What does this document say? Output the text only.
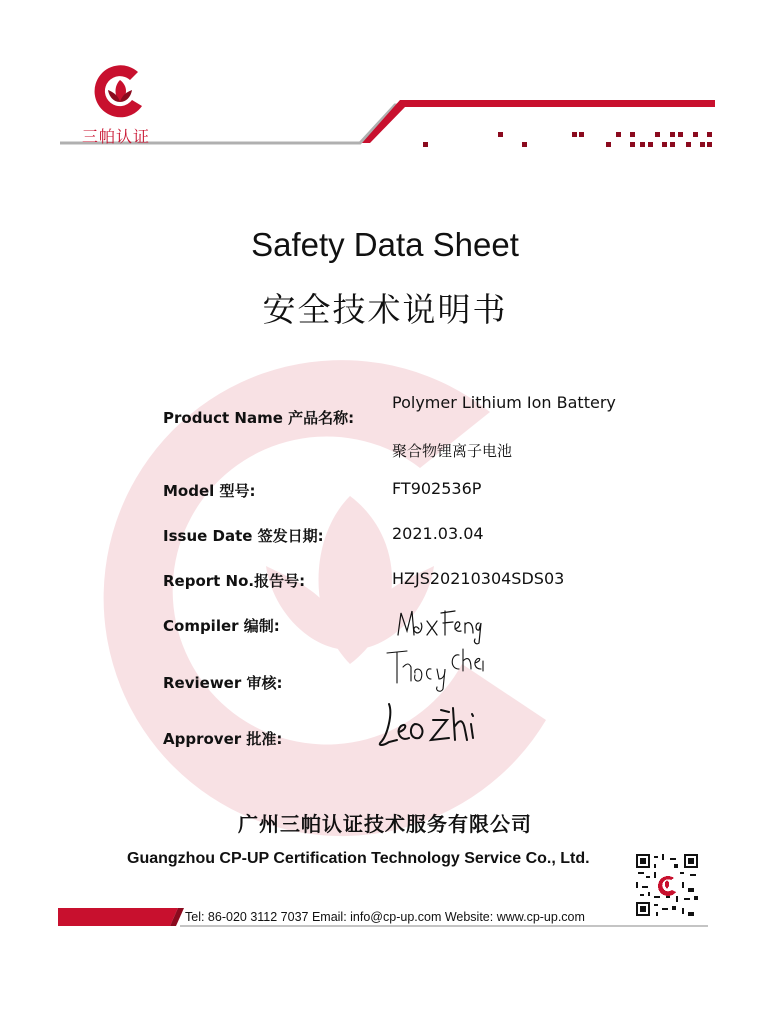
三帕认证
Safety Data Sheet
安全技术说明书
Product Name 产品名称:
Polymer Lithium Ion Battery
聚合物锂离子电池
Model 型号:	FT902536P
Issue Date 签发日期:	2021.03.04
Report No.报告号:	HZJS20210304SDS03
Compiler 编制:
Reviewer 审核:
Approver 批准:
广州三帕认证技术服务有限公司
Guangzhou CP-UP Certification Technology Service Co., Ltd.
Tel: 86-020 3112 7037 Email: info@cp-up.com Website: www.cp-up.com
